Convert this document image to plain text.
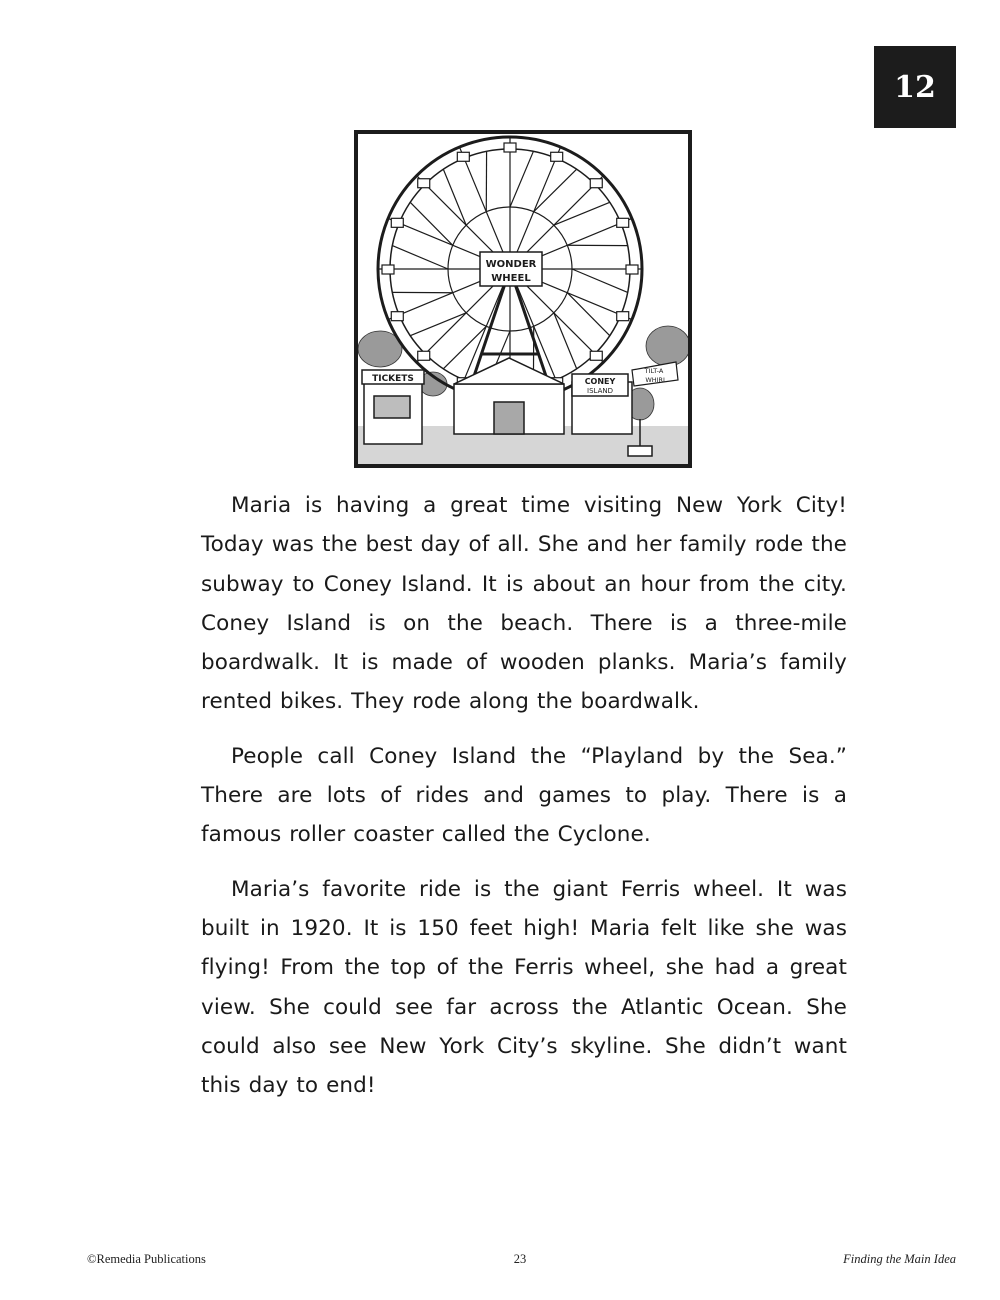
12
WONDER
WHEEL
TICKETS	CONEY
ISLAND
TILT-A
WHIRL

Maria is having a great time visiting New York City! Today was the best day of all. She and her family rode the subway to Coney Island. It is about an hour from the city. Coney Island is on the beach. There is a three-mile boardwalk. It is made of wooden planks. Maria’s family rented bikes. They rode along the boardwalk.

People call Coney Island the “Playland by the Sea.” There are lots of rides and games to play. There is a famous roller coaster called the Cyclone.

Maria’s favorite ride is the giant Ferris wheel. It was built in 1920. It is 150 feet high! Maria felt like she was flying! From the top of the Ferris wheel, she had a great view. She could see far across the Atlantic Ocean. She could also see New York City’s skyline. She didn’t want this day to end!

©Remedia Publications	23	Finding the Main Idea
